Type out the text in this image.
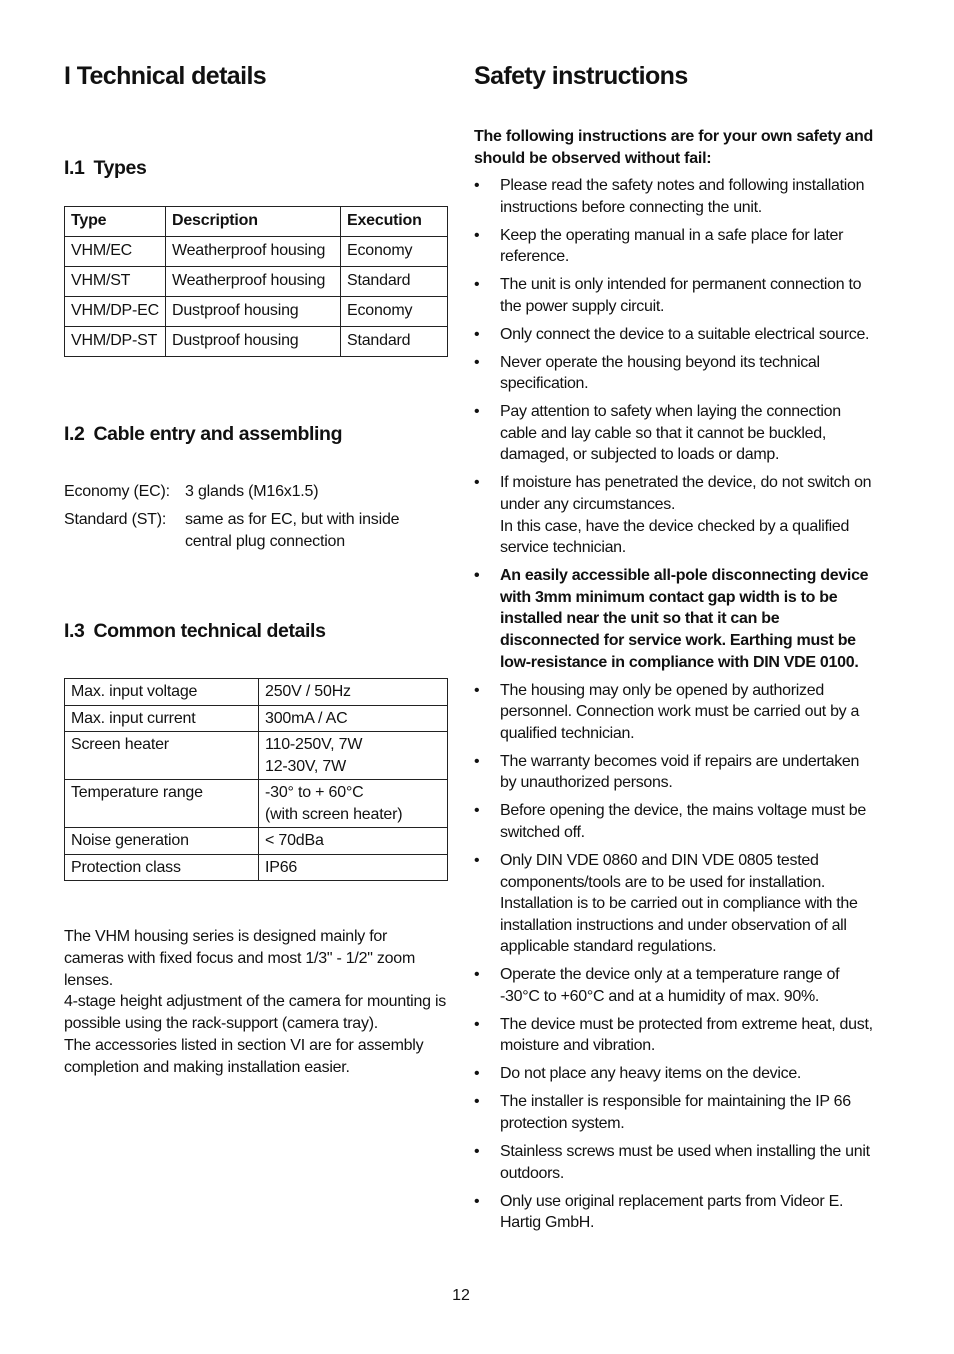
I Technical details
I.1 Types
Type	Description	Execution
VHM/EC	Weatherproof housing	Economy
VHM/ST	Weatherproof housing	Standard
VHM/DP-EC	Dustproof housing	Economy
VHM/DP-ST	Dustproof housing	Standard
I.2 Cable entry and assembling
Economy (EC): 3 glands (M16x1.5)
Standard (ST): same as for EC, but with inside central plug connection
I.3 Common technical details
Max. input voltage	250V / 50Hz
Max. input current	300mA / AC
Screen heater	110-250V, 7W
12-30V, 7W
Temperature range	-30° to + 60°C
(with screen heater)
Noise generation	< 70dBa
Protection class	IP66

The VHM housing series is designed mainly for cameras with fixed focus and most 1/3" - 1/2" zoom lenses.

4-stage height adjustment of the camera for mounting is possible using the rack-support (camera tray).

The accessories listed in section VI are for assembly completion and making installation easier.

Safety instructions
The following instructions are for your own safety and should be observed without fail:
• Please read the safety notes and following installation instructions before connecting the unit.
• Keep the operating manual in a safe place for later reference.
• The unit is only intended for permanent connection to the power supply circuit.
• Only connect the device to a suitable electrical source.
• Never operate the housing beyond its technical specification.
• Pay attention to safety when laying the connection cable and lay cable so that it cannot be buckled, damaged, or subjected to loads or damp.
• If moisture has penetrated the device, do not switch on under any circumstances.
In this case, have the device checked by a qualified service technician.
• An easily accessible all-pole disconnecting device with 3mm minimum contact gap width is to be installed near the unit so that it can be disconnected for service work. Earthing must be low-resistance in compliance with DIN VDE 0100.
• The housing may only be opened by authorized personnel. Connection work must be carried out by a qualified technician.
• The warranty becomes void if repairs are undertaken by unauthorized persons.
• Before opening the device, the mains voltage must be switched off.
• Only DIN VDE 0860 and DIN VDE 0805 tested components/tools are to be used for installation. Installation is to be carried out in compliance with the installation instructions and under observation of all applicable standard regulations.
• Operate the device only at a temperature range of -30°C to +60°C and at a humidity of max. 90%.
• The device must be protected from extreme heat, dust, moisture and vibration.
• Do not place any heavy items on the device.
• The installer is responsible for maintaining the IP 66 protection system.
• Stainless screws must be used when installing the unit outdoors.
• Only use original replacement parts from Videor E. Hartig GmbH.
12
